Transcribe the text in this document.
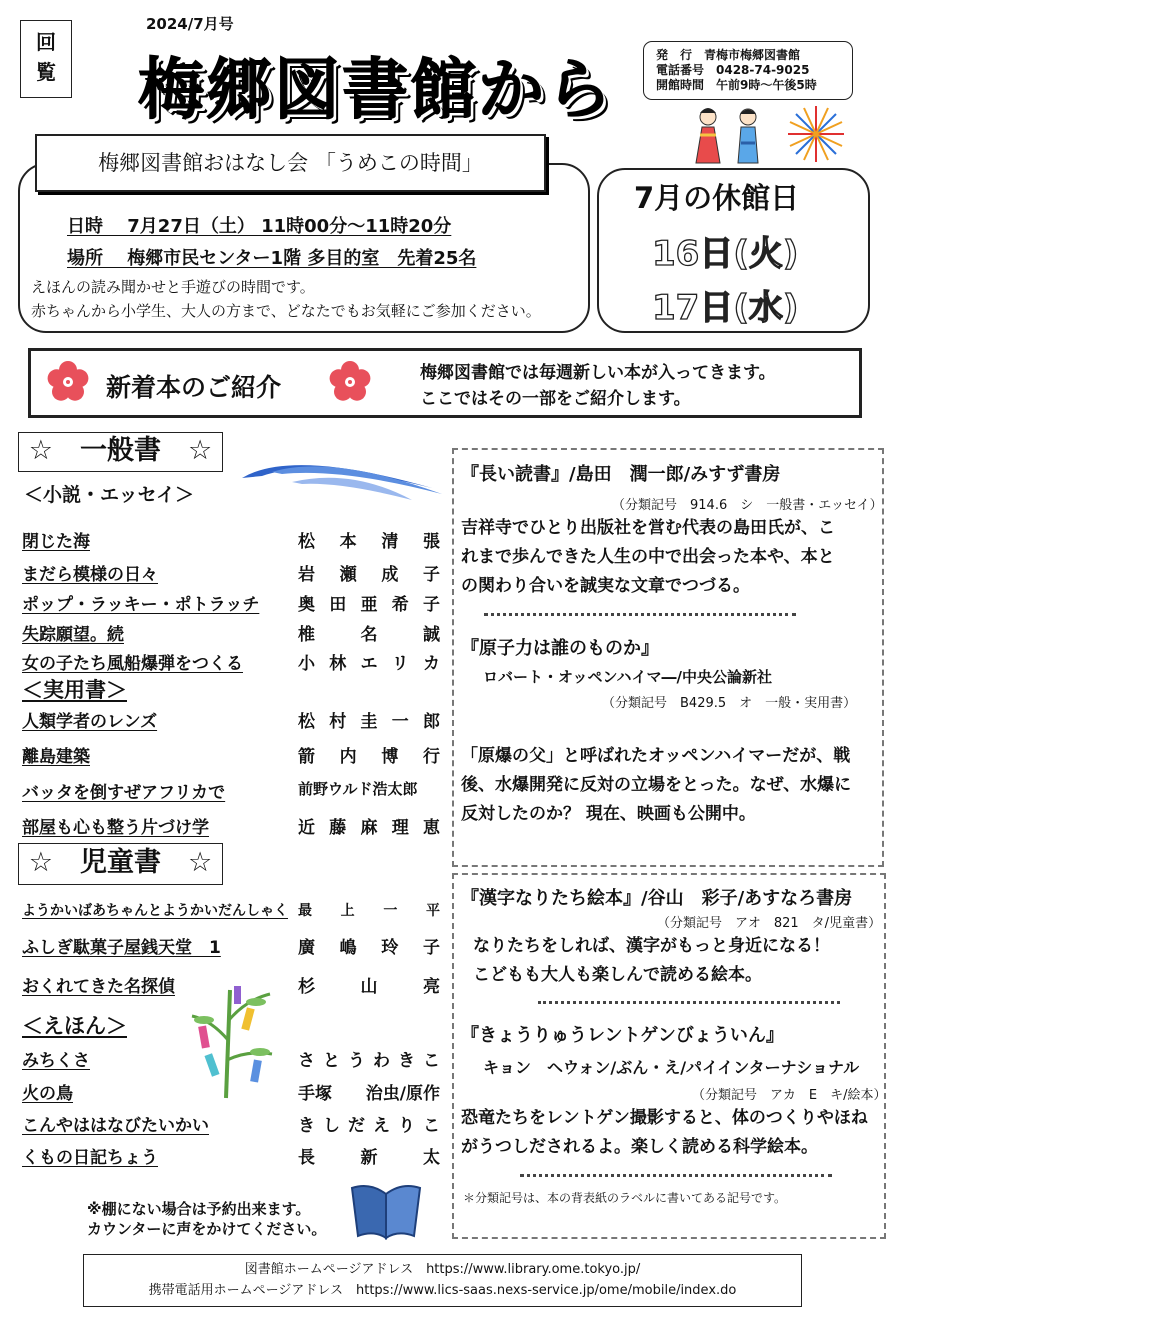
回
覧
2024/7月号
梅郷図書館から	発　行　青梅市梅郷図書館
電話番号　0428-74-9025
開館時間　午前9時～午後5時
梅郷図書館おはなし会 「うめこの時間」
日時　 7月27日（土） 11時00分～11時20分
場所　 梅郷市民センター1階 多目的室　先着25名
えほんの読み聞かせと手遊びの時間です。
赤ちゃんから小学生、大人の方まで、どなたでもお気軽にご参加ください。
7月の休館日
16日(火)
17日(水)
新着本のご紹介	梅郷図書館では毎週新しい本が入ってきます。
ここではその一部をご紹介します。
☆　一般書　☆
＜小説・エッセイ＞
閉じた海	松 本 清 張
まだら模様の日々	岩 瀬 成 子
ポップ・ラッキー・ポトラッチ 奥 田 亜 希 子
失踪願望。続	椎	名	誠
女の子たち風船爆弾をつくる	小 林 エ リ カ
＜実用書＞
人類学者のレンズ	松 村 圭 一 郎
離島建築	箭 内 博 行
バッタを倒すぜアフリカで	前野ウルド浩太郎
部屋も心も整う片づけ学	近 藤 麻 理 恵
☆　児童書　☆
ようかいばあちゃんとようかいだんしゃく 最 上 一 平
ふしぎ駄菓子屋銭天堂　1	廣 嶋 玲 子
おくれてきた名探偵	杉	山	亮
＜えほん＞
みちくさ	さ と う わ き こ
火の鳥	手塚 治虫/原作
こんやははなびたいかい	き し だ え り こ
くもの日記ちょう	長	新	太
※棚にない場合は予約出来ます。
カウンターに声をかけてください。
『長い読書』/島田　潤一郎/みすず書房
（分類記号　914.6　シ　一般書・エッセイ）
吉祥寺でひとり出版社を営む代表の島田氏が、こ
れまで歩んできた人生の中で出会った本や、本と
の関わり合いを誠実な文章でつづる。
『原子力は誰のものか』
ロバート・オッペンハイマ―/中央公論新社
（分類記号　B429.5　オ　一般・実用書）
「原爆の父」と呼ばれたオッペンハイマーだが、戦
後、水爆開発に反対の立場をとった。なぜ、水爆に
反対したのか？ 現在、映画も公開中。
『漢字なりたち絵本』/谷山　彩子/あすなろ書房
（分類記号　アオ　821　タ/児童書）
なりたちをしれば、漢字がもっと身近になる！
こどもも大人も楽しんで読める絵本。
『きょうりゅうレントゲンびょういん』
キョン　ヘウォン/ぶん・え/パイインターナショナル
（分類記号　アカ　E　キ/絵本）
恐竜たちをレントゲン撮影すると、体のつくりやほね
がうつしだされるよ。楽しく読める科学絵本。
＊分類記号は、本の背表紙のラベルに書いてある記号です。
図書館ホームページアドレス　https://www.library.ome.tokyo.jp/
携帯電話用ホームページアドレス　https://www.lics-saas.nexs-service.jp/ome/mobile/index.do
